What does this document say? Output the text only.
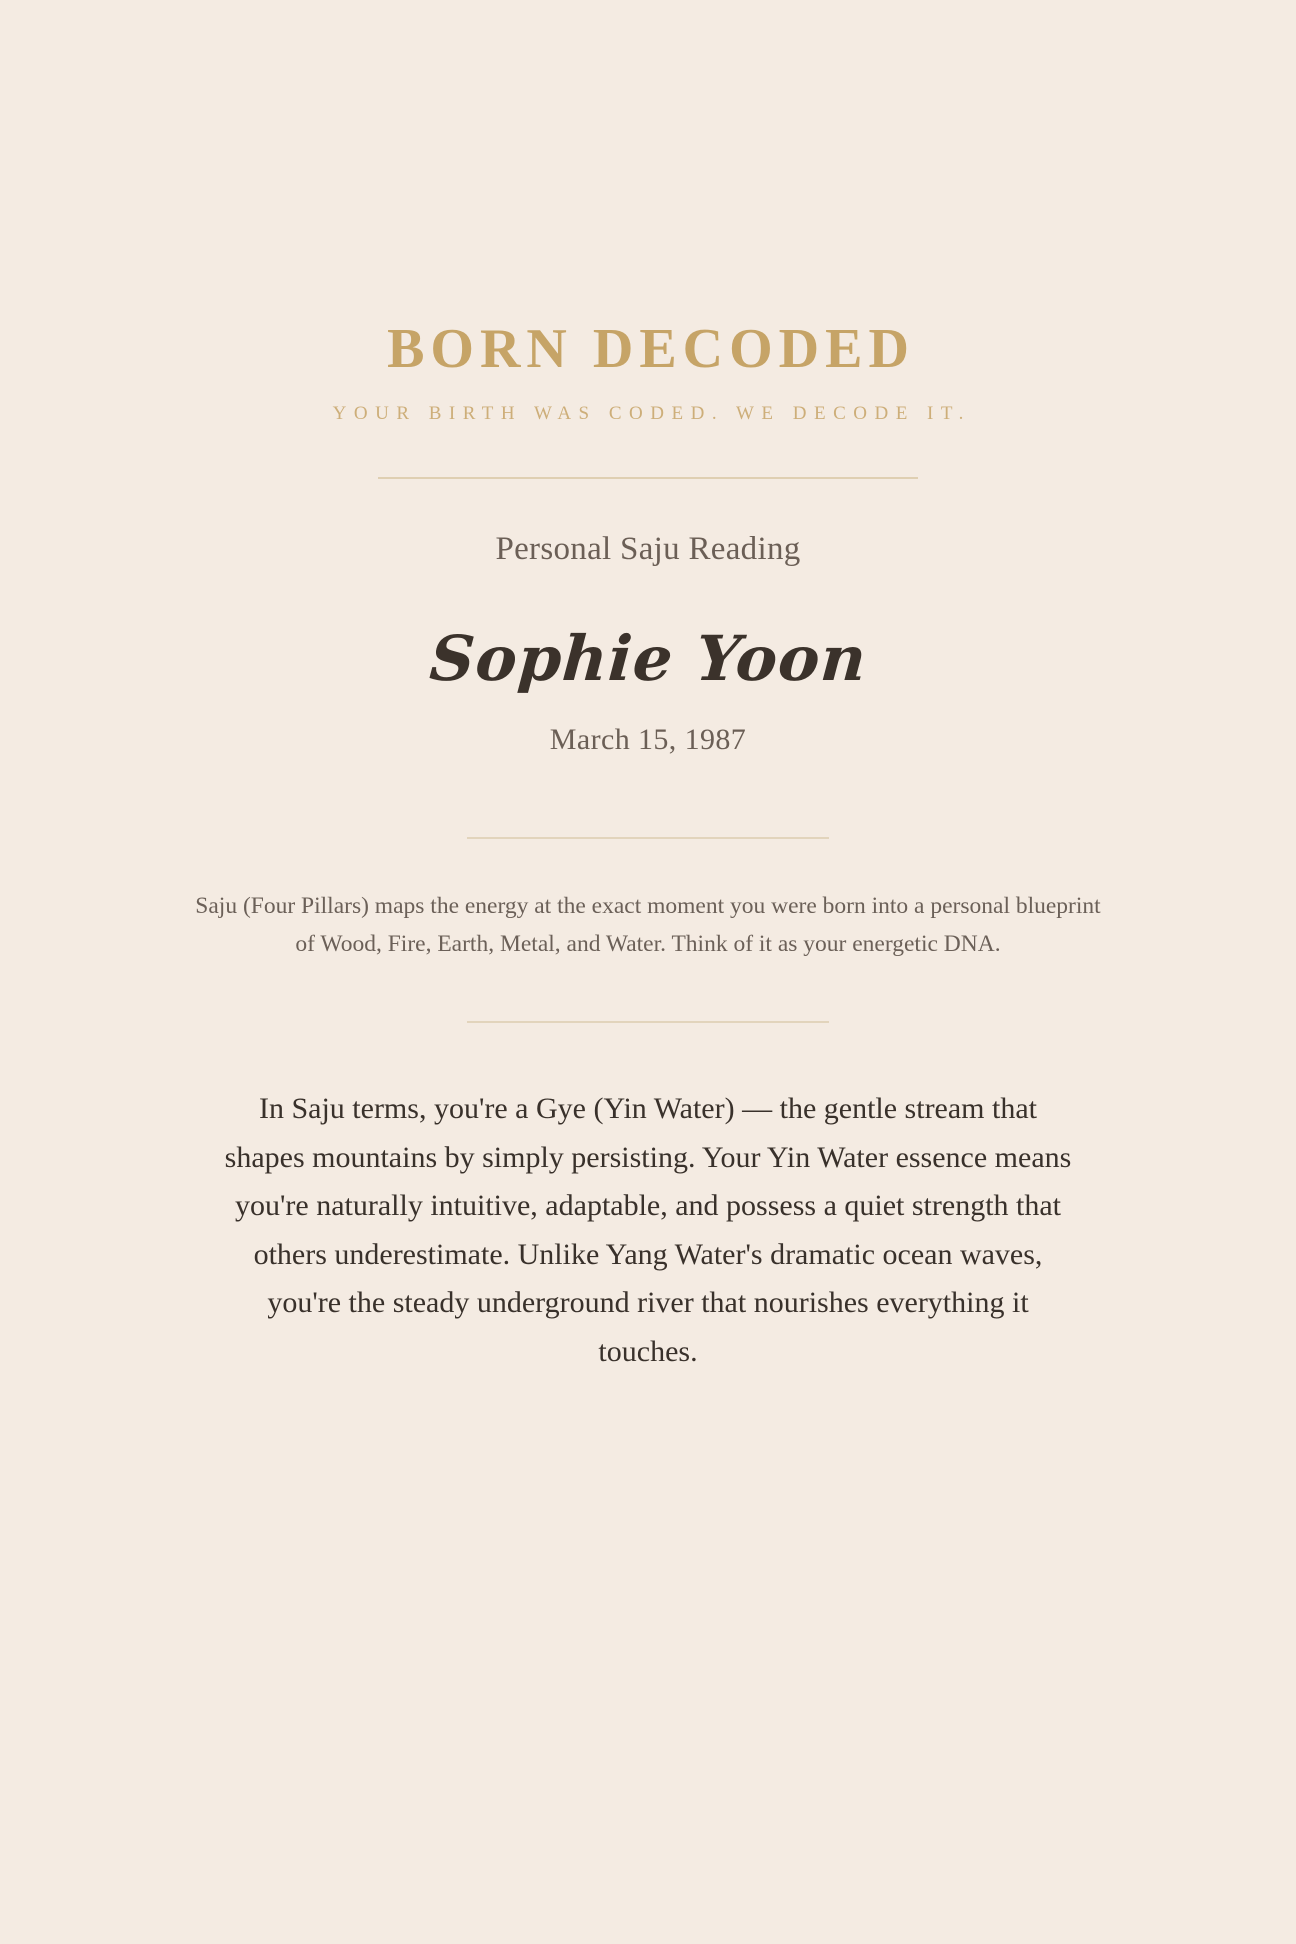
BORN DECODED

YOUR BIRTH WAS CODED. WE DECODE IT.

Personal Saju Reading
Sophie Yoon
March 15, 1987

Saju (Four Pillars) maps the energy at the exact moment you were born into a personal blueprint of Wood, Fire, Earth, Metal, and Water. Think of it as your energetic DNA.

In Saju terms, you're a Gye (Yin Water) — the gentle stream that shapes mountains by simply persisting. Your Yin Water essence means you're naturally intuitive, adaptable, and possess a quiet strength that others underestimate. Unlike Yang Water's dramatic ocean waves, you're the steady underground river that nourishes everything it touches.
